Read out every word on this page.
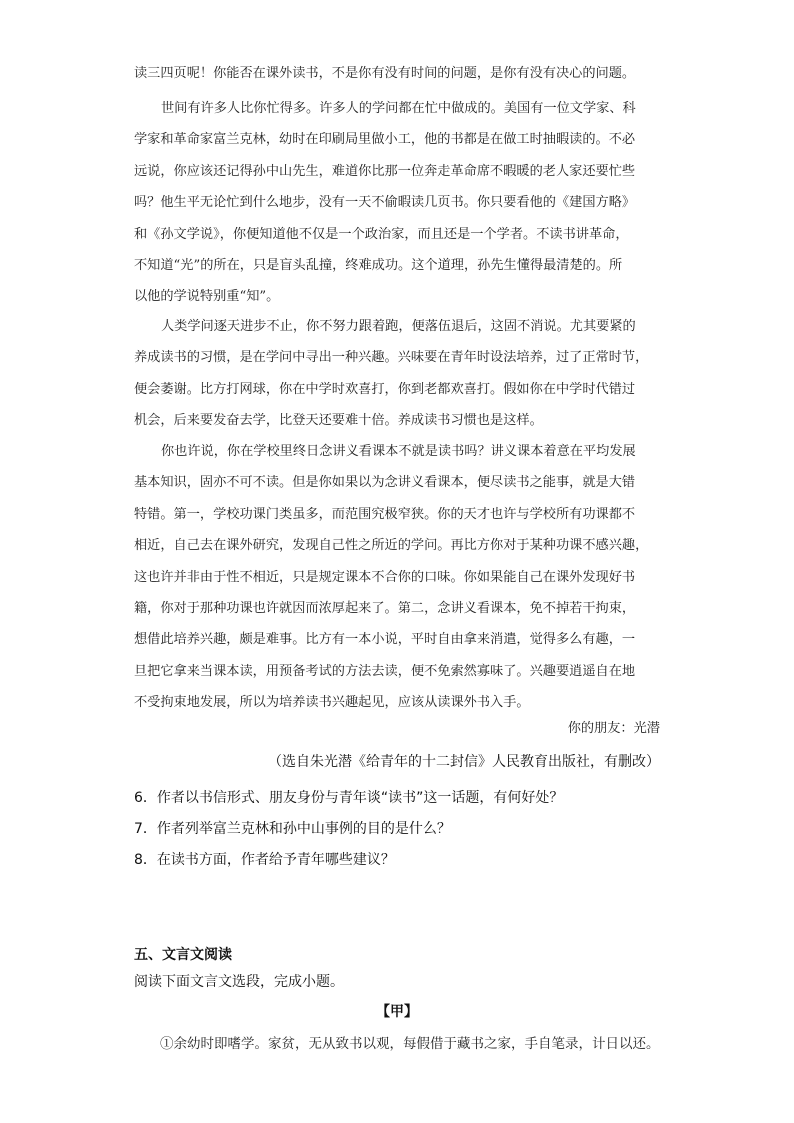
读三四页呢！你能否在课外读书，不是你有没有时间的问题，是你有没有决心的问题。
世间有许多人比你忙得多。许多人的学问都在忙中做成的。美国有一位文学家、科
学家和革命家富兰克林，幼时在印刷局里做小工，他的书都是在做工时抽暇读的。不必
远说，你应该还记得孙中山先生，难道你比那一位奔走革命席不暇暖的老人家还要忙些
吗？他生平无论忙到什么地步，没有一天不偷暇读几页书。你只要看他的《建国方略》
和《孙文学说》，你便知道他不仅是一个政治家，而且还是一个学者。不读书讲革命，
不知道“光”的所在，只是盲头乱撞，终难成功。这个道理，孙先生懂得最清楚的。所
以他的学说特别重“知”。
人类学问逐天进步不止，你不努力跟着跑，便落伍退后，这固不消说。尤其要紧的
养成读书的习惯，是在学问中寻出一种兴趣。兴味要在青年时设法培养，过了正常时节，
便会萎谢。比方打网球，你在中学时欢喜打，你到老都欢喜打。假如你在中学时代错过
机会，后来要发奋去学，比登天还要难十倍。养成读书习惯也是这样。
你也许说，你在学校里终日念讲义看课本不就是读书吗？讲义课本着意在平均发展
基本知识，固亦不可不读。但是你如果以为念讲义看课本，便尽读书之能事，就是大错
特错。第一，学校功课门类虽多，而范围究极窄狭。你的天才也许与学校所有功课都不
相近，自己去在课外研究，发现自己性之所近的学问。再比方你对于某种功课不感兴趣，
这也许并非由于性不相近，只是规定课本不合你的口味。你如果能自己在课外发现好书
籍，你对于那种功课也许就因而浓厚起来了。第二，念讲义看课本，免不掉若干拘束，
想借此培养兴趣，颇是难事。比方有一本小说，平时自由拿来消遣，觉得多么有趣，一
旦把它拿来当课本读，用预备考试的方法去读，便不免索然寡味了。兴趣要逍遥自在地
不受拘束地发展，所以为培养读书兴趣起见，应该从读课外书入手。
你的朋友：光潜
（选自朱光潜《给青年的十二封信》人民教育出版社，有删改）
6．作者以书信形式、朋友身份与青年谈“读书”这一话题，有何好处？
7．作者列举富兰克林和孙中山事例的目的是什么？
8．在读书方面，作者给予青年哪些建议？
五、文言文阅读
阅读下面文言文选段，完成小题。
【甲】
①余幼时即嗜学。家贫，无从致书以观，每假借于藏书之家，手自笔录，计日以还。
